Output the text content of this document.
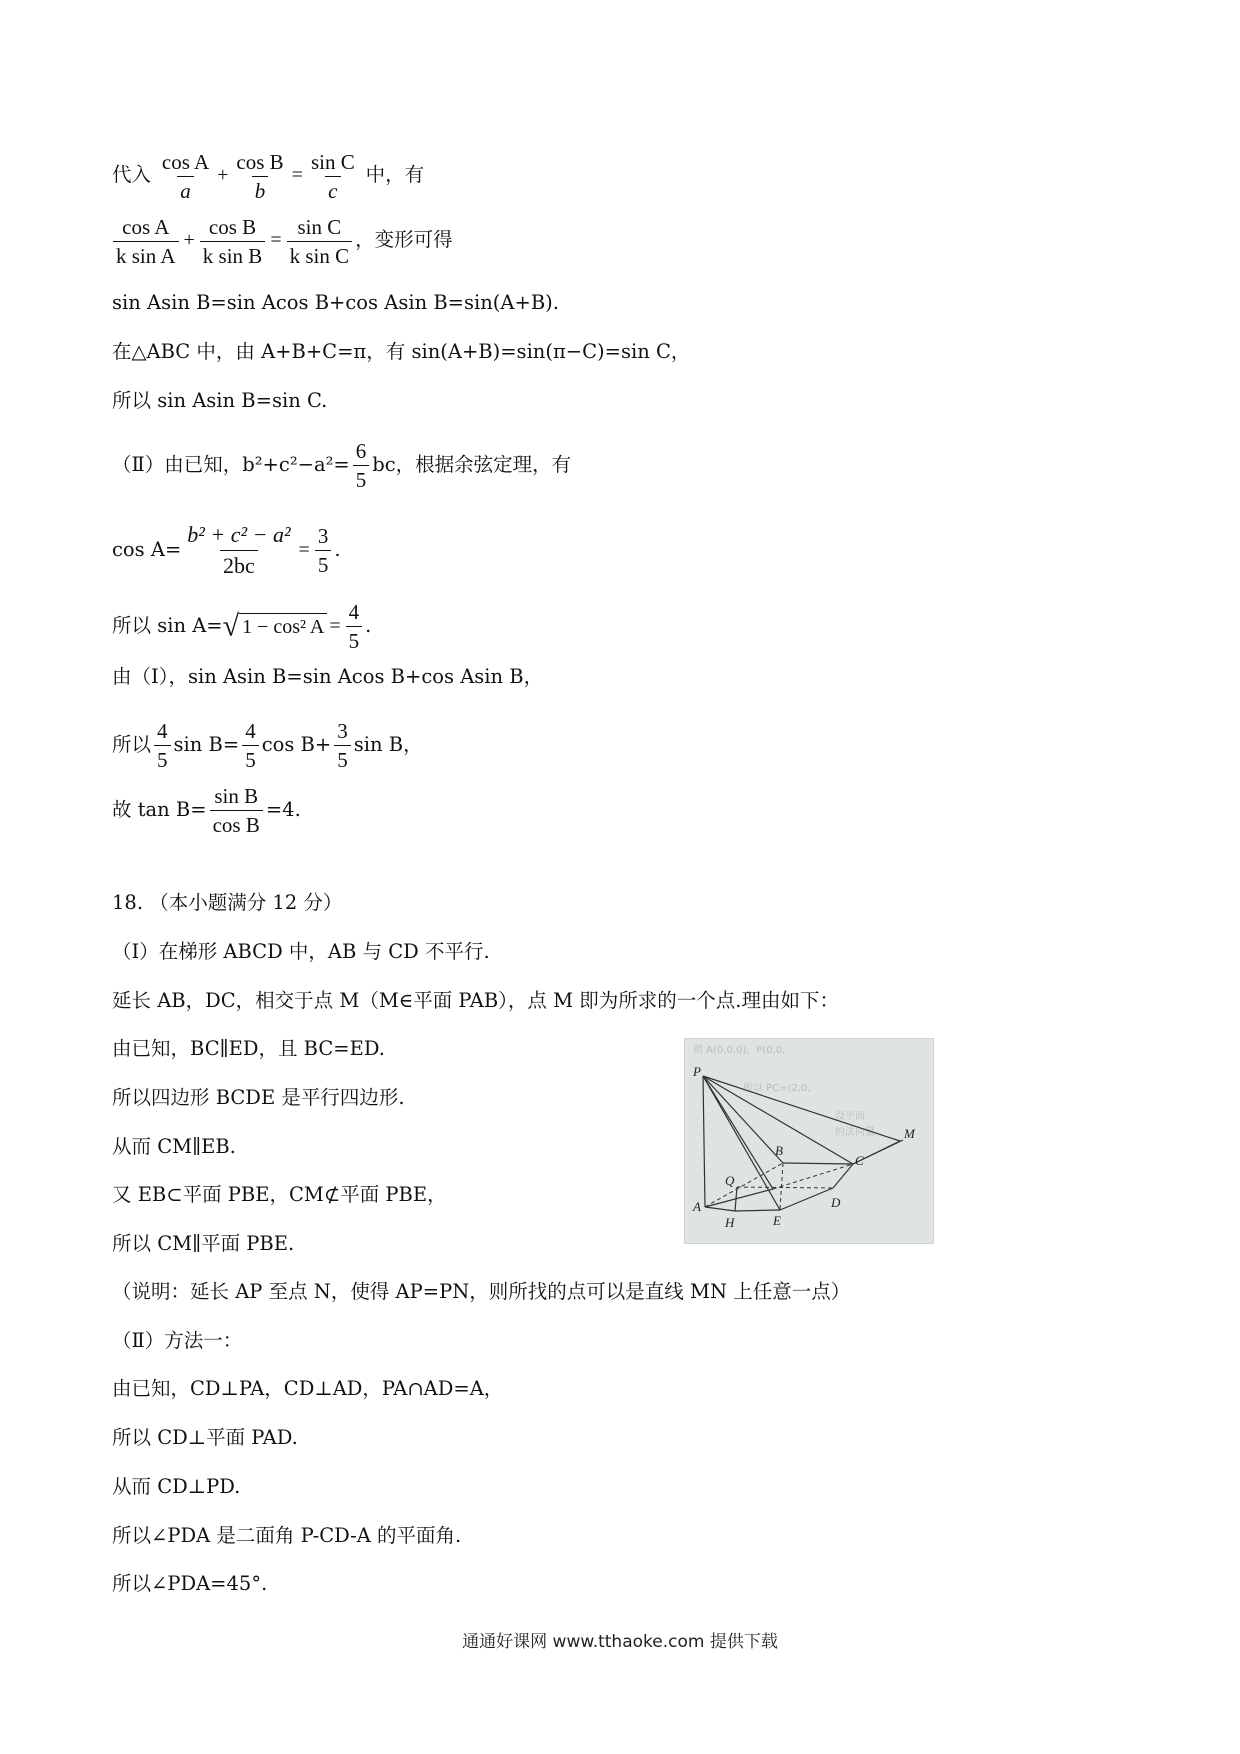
代入 $\frac{\text{cos A}}{a} + \frac{\text{cos B}}{b} = \frac{\text{sin C}}{c}$ 中，有
$\frac{\text{cos A}}{\text{k sin A}} + \frac{\text{cos B}}{\text{k sin B}} = \frac{\text{sin C}}{\text{k sin C}}$ ，变形可得
sin Asin B=sin Acos B+cos Asin B=sin(A+B).
在△ABC 中，由 A+B+C=π，有 sin(A+B)=sin(π−C)=sin C，
所以 sin Asin B=sin C.
（Ⅱ）由已知，$b^2+c^2-a^2= \frac{6}{5}$ bc，根据余弦定理，有
$\cos A= \frac{\text{b² + c² − a²}}{2bc} = \frac{3}{5}$ .
所以 sin A=√ 1 − cos² $A = \frac{4}{5}$ .
由（Ⅰ），sin Asin B=sin Acos B+cos Asin B，
所以 $\frac{4}{5}$ $\sin B= \frac{4}{5}$ $\cos B+ \frac{3}{5}$ sin B，
故 $\tan B= \frac{\text{sin B}}{\text{cos B}} =4$.
18. （本小题满分 12 分）
（Ⅰ）在梯形 ABCD 中，AB 与 CD 不平行.
延长 AB，DC，相交于点 M（M∈平面 PAB），点 M 即为所求的一个点.理由如下：
由已知，BC∥ED，且 BC=ED.
所以四边形 BCDE 是平行四边形.
从而 CM∥EB.
又 EB⊂平面 PBE，CM⊄平面 PBE，
所以 CM∥平面 PBE.
（说明：延长 AP 至点 N，使得 AP=PN，则所找的点可以是直线 MN 上任意一点）
（Ⅱ）方法一：
由已知，CD⊥PA，CD⊥AD，PA∩AD=A，
所以 CD⊥平面 PAD.
从而 CD⊥PD.
所以∠PDA 是二面角 P-CD-A 的平面角.
所以∠PDA=45°.
则 A(0,0,0)，P(0,0,
所以 PC=(2,0,
设平面
的法向量
P
M
B
C
Q
A
H	E
D
通通好课网 www.tthaoke.com 提供下载
